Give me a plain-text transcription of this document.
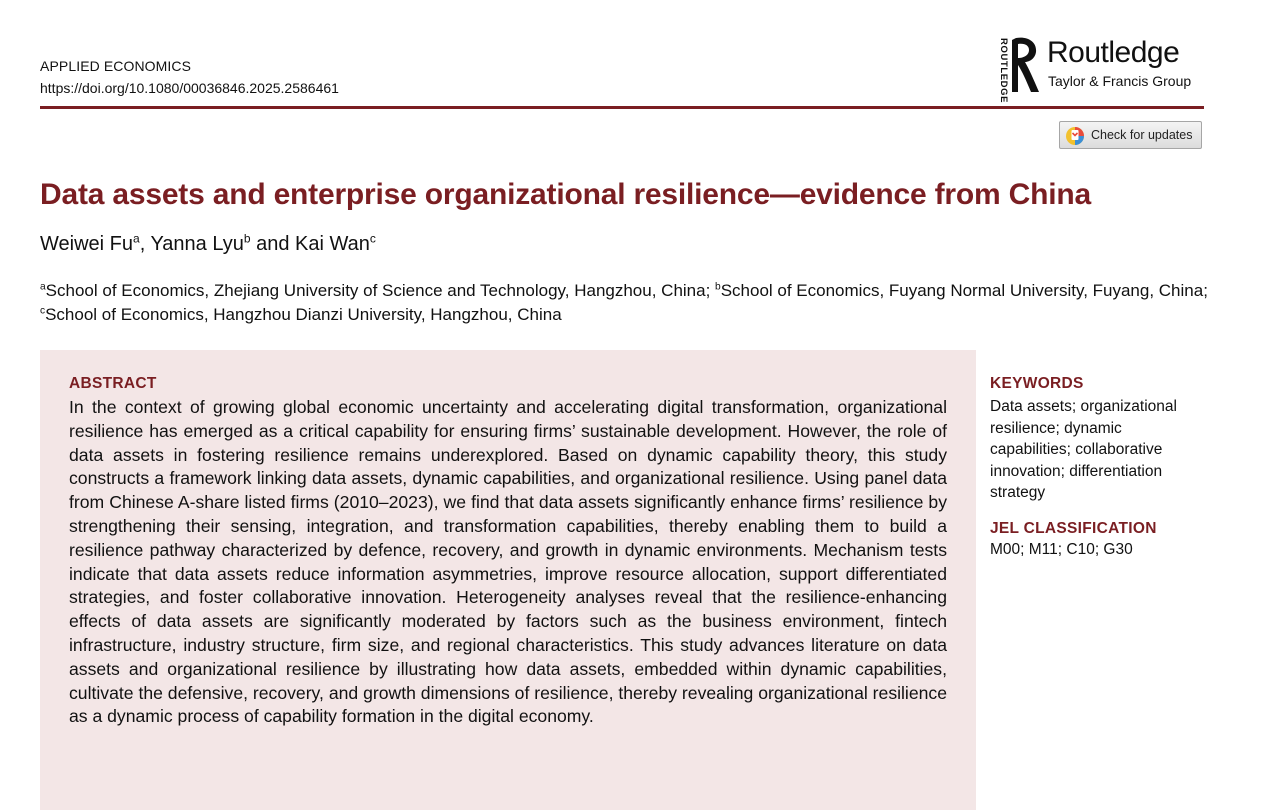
APPLIED ECONOMICS
https://doi.org/10.1080/00036846.2025.2586461	ROUTLEDGE Routledge
Taylor & Francis Group
Check for updates
Data assets and enterprise organizational resilience—evidence from China
Weiwei Fu$^a$, Yanna Lyu$^b$ and Kai Wan$^c$
$^a$School of Economics, Zhejiang University of Science and Technology, Hangzhou, China; $^b$School of Economics, Fuyang Normal University, Fuyang, China; $^c$School of Economics, Hangzhou Dianzi University, Hangzhou, China
ABSTRACT
In the context of growing global economic uncertainty and accelerating digital transformation, organizational resilience has emerged as a critical capability for ensuring firms’ sustainable development. However, the role of data assets in fostering resilience remains underexplored. Based on dynamic capability theory, this study constructs a framework linking data assets, dynamic capabilities, and organizational resilience. Using panel data from Chinese A-share listed firms (2010–2023), we find that data assets significantly enhance firms’ resilience by strengthening their sensing, integration, and transformation capabilities, thereby enabling them to build a resilience pathway characterized by defence, recovery, and growth in dynamic environments. Mechanism tests indicate that data assets reduce information asymmetries, improve resource allocation, support differentiated strategies, and foster collaborative innovation. Heterogeneity analyses reveal that the resilience-enhancing effects of data assets are significantly moderated by factors such as the business environment, fintech infrastructure, industry structure, firm size, and regional characteristics. This study advances literature on data assets and organizational resilience by illustrating how data assets, embedded within dynamic capabilities, cultivate the defensive, recovery, and growth dimensions of resilience, thereby revealing organizational resilience as a dynamic process of capability formation in the digital economy.
KEYWORDS
Data assets; organizational resilience; dynamic capabilities; collaborative innovation; differentiation strategy
JEL CLASSIFICATION
M00; M11; C10; G30
